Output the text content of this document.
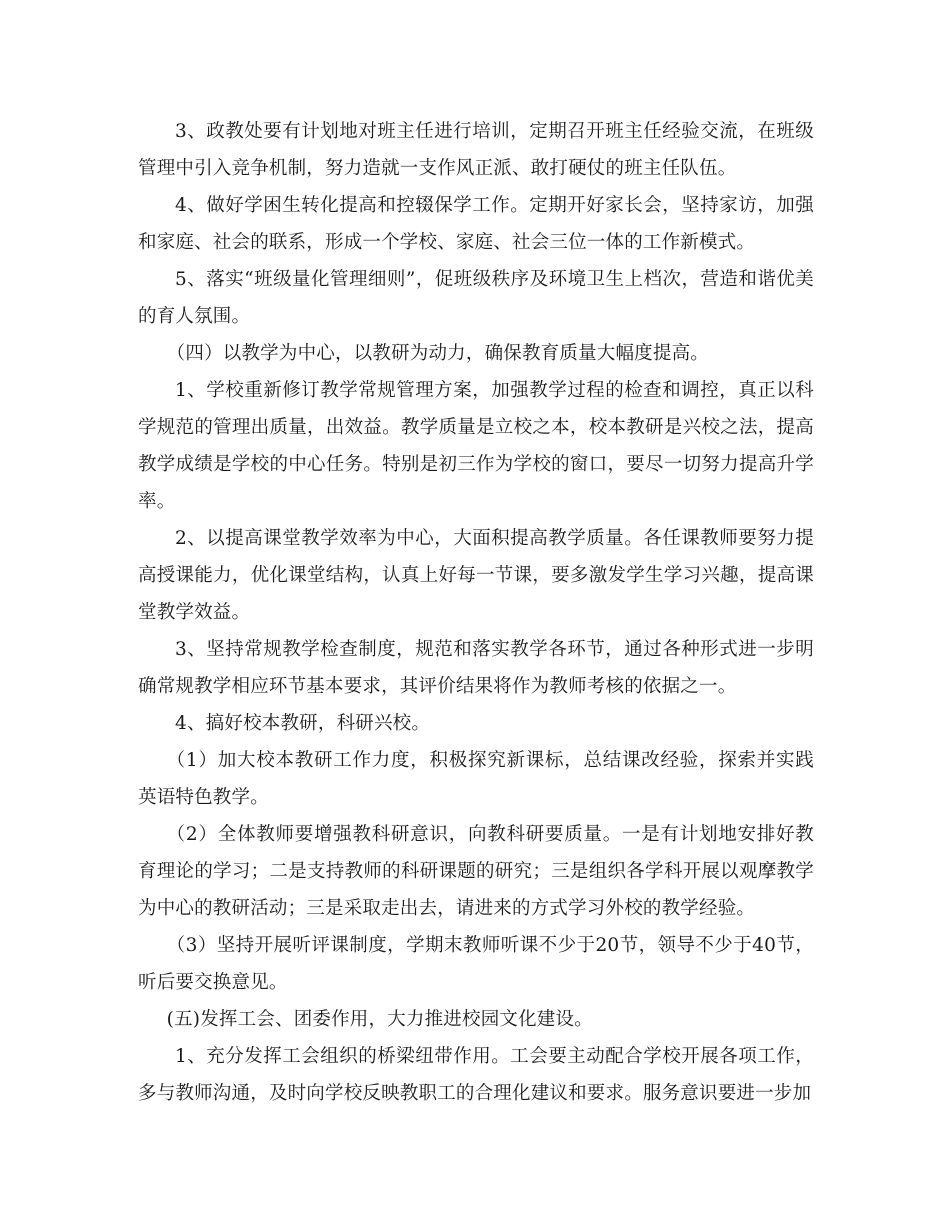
3、政教处要有计划地对班主任进行培训，定期召开班主任经验交流，在班级管理中引入竞争机制，努力造就一支作风正派、敢打硬仗的班主任队伍。

4、做好学困生转化提高和控辍保学工作。定期开好家长会，坚持家访，加强和家庭、社会的联系，形成一个学校、家庭、社会三位一体的工作新模式。

5、落实“班级量化管理细则”，促班级秩序及环境卫生上档次，营造和谐优美的育人氛围。

（四）以教学为中心，以教研为动力，确保教育质量大幅度提高。

1、学校重新修订教学常规管理方案，加强教学过程的检查和调控，真正以科学规范的管理出质量，出效益。教学质量是立校之本，校本教研是兴校之法，提高教学成绩是学校的中心任务。特别是初三作为学校的窗口，要尽一切努力提高升学率。

2、以提高课堂教学效率为中心，大面积提高教学质量。各任课教师要努力提高授课能力，优化课堂结构，认真上好每一节课，要多激发学生学习兴趣，提高课堂教学效益。

3、坚持常规教学检查制度，规范和落实教学各环节，通过各种形式进一步明确常规教学相应环节基本要求，其评价结果将作为教师考核的依据之一。

4、搞好校本教研，科研兴校。

（1）加大校本教研工作力度，积极探究新课标，总结课改经验，探索并实践英语特色教学。

（2）全体教师要增强教科研意识，向教科研要质量。一是有计划地安排好教育理论的学习；二是支持教师的科研课题的研究；三是组织各学科开展以观摩教学为中心的教研活动；三是采取走出去，请进来的方式学习外校的教学经验。

（3）坚持开展听评课制度，学期末教师听课不少于20节，领导不少于40节，听后要交换意见。

(五)发挥工会、团委作用，大力推进校园文化建设。

1、充分发挥工会组织的桥梁纽带作用。工会要主动配合学校开展各项工作，多与教师沟通，及时向学校反映教职工的合理化建议和要求。服务意识要进一步加
